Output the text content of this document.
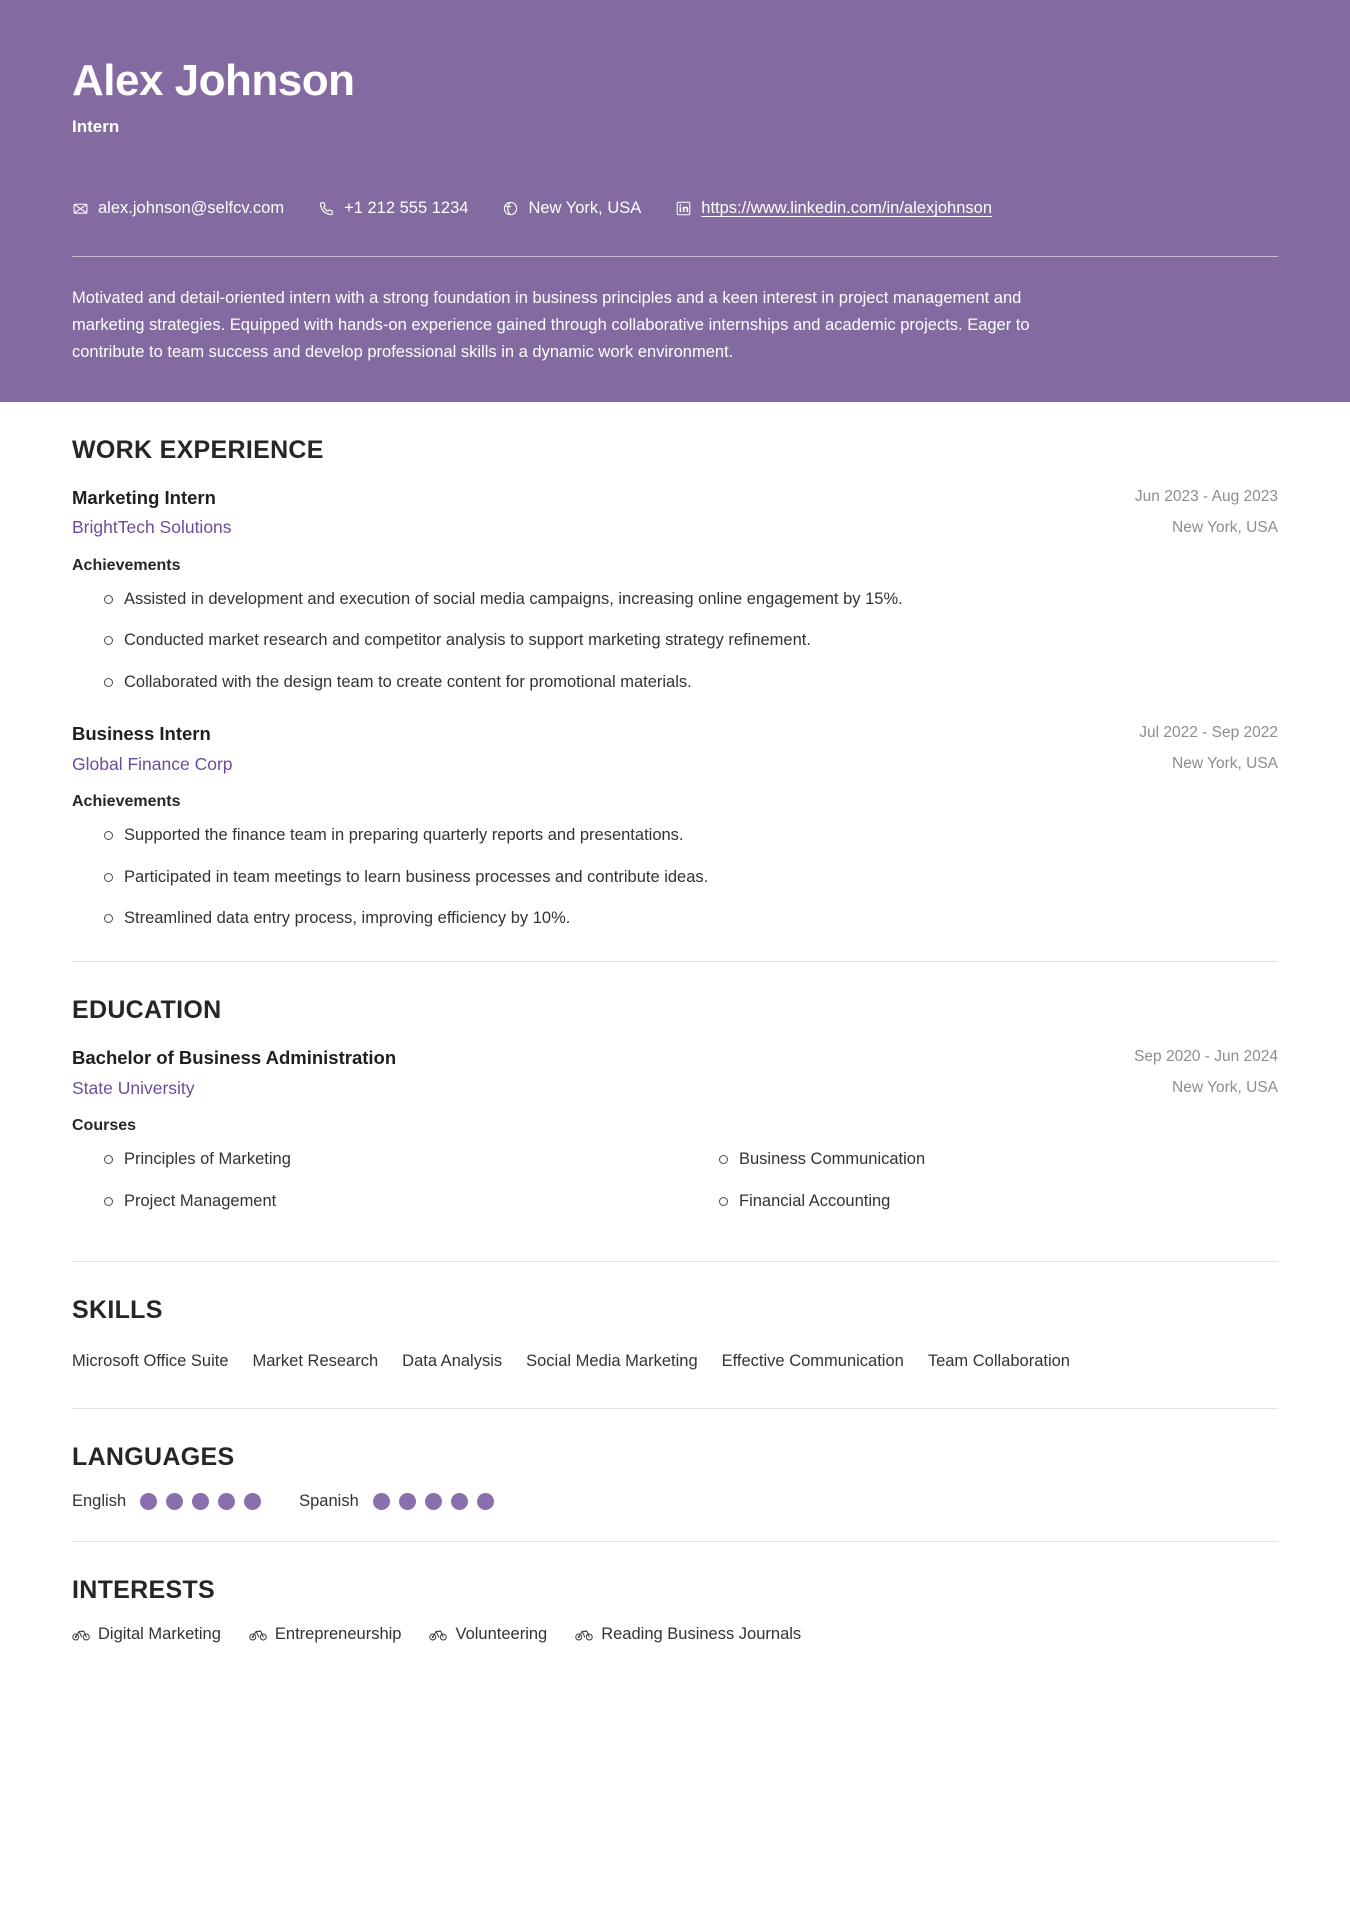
Alex Johnson
Intern
alex.johnson@selfcv.com	+1 212 555 1234	New York, USA	https://www.linkedin.com/in/alexjohnson
Motivated and detail-oriented intern with a strong foundation in business principles and a keen interest in project management and marketing strategies. Equipped with hands-on experience gained through collaborative internships and academic projects. Eager to contribute to team success and develop professional skills in a dynamic work environment.
WORK EXPERIENCE
Marketing Intern
BrightTech Solutions
Jun 2023 - Aug 2023
New York, USA
Achievements
Assisted in development and execution of social media campaigns, increasing online engagement by 15%.
Conducted market research and competitor analysis to support marketing strategy refinement.
Collaborated with the design team to create content for promotional materials.
Business Intern
Global Finance Corp
Jul 2022 - Sep 2022
New York, USA
Achievements
Supported the finance team in preparing quarterly reports and presentations.
Participated in team meetings to learn business processes and contribute ideas.
Streamlined data entry process, improving efficiency by 10%.
EDUCATION
Bachelor of Business Administration
State University
Sep 2020 - Jun 2024
New York, USA
Courses
Principles of Marketing	Business Communication
Project Management	Financial Accounting
SKILLS
Microsoft Office Suite Market Research Data Analysis Social Media Marketing Effective Communication Team Collaboration
LANGUAGES
English	Spanish
INTERESTS
Digital Marketing	Entrepreneurship	Volunteering	Reading Business Journals
